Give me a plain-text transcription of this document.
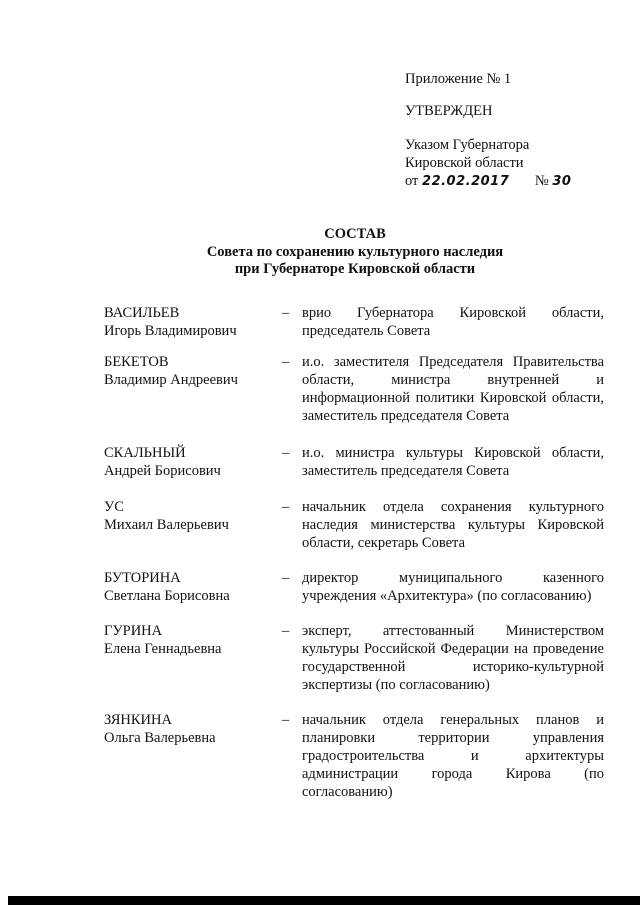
Приложение № 1
УТВЕРЖДЕН
Указом Губернатора
Кировской области
от 22.02.2017 № 30
СОСТАВ
Совета по сохранению культурного наследия
при Губернаторе Кировской области
ВАСИЛЬЕВ
Игорь Владимирович
– врио Губернатора Кировской области, председатель Совета
БЕКЕТОВ
Владимир Андреевич
– и.о. заместителя Председателя Правительства области, министра внутренней и информационной политики Кировской области, заместитель председателя Совета
СКАЛЬНЫЙ
Андрей Борисович
– и.о. министра культуры Кировской области, заместитель председателя Совета
УС
Михаил Валерьевич
– начальник отдела сохранения культурного наследия министерства культуры Кировской области, секретарь Совета
БУТОРИНА
Светлана Борисовна
– директор муниципального казенного учреждения «Архитектура» (по согласованию)
ГУРИНА
Елена Геннадьевна
– эксперт, аттестованный Министерством культуры Российской Федерации на проведение государственной историко-культурной экспертизы (по согласованию)
ЗЯНКИНА
Ольга Валерьевна
– начальник отдела генеральных планов и планировки территории управления градостроительства и архитектуры администрации города Кирова (по согласованию)
